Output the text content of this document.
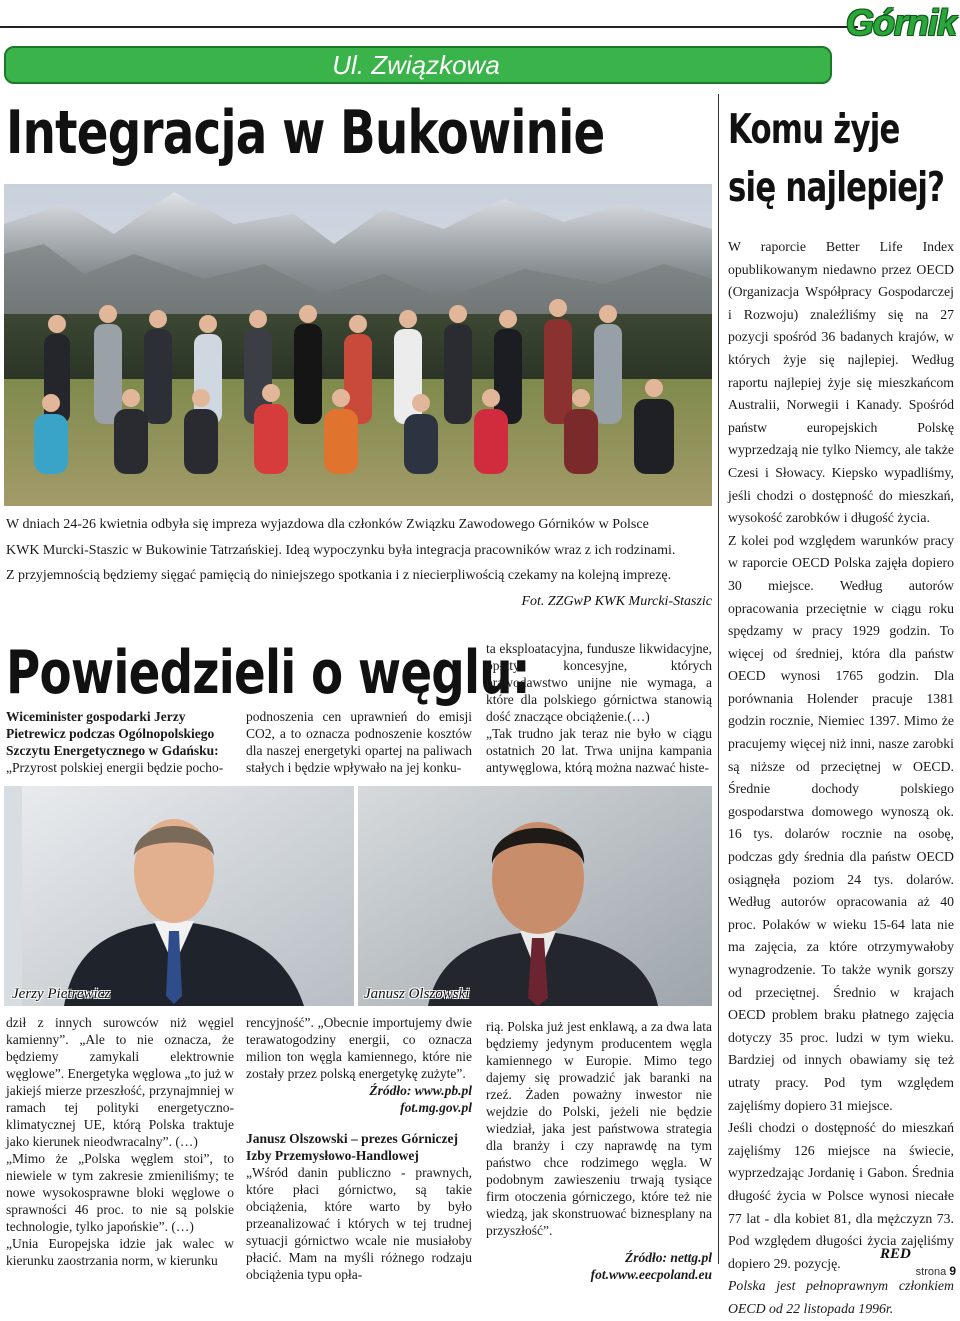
Górnik
Ul. Związkowa
Integracja w Bukowinie

W dniach 24-26 kwietnia odbyła się impreza wyjazdowa dla członków Związku Zawodowego Górników w Polsce

KWK Murcki-Staszic w Bukowinie Tatrzańskiej. Ideą wypoczynku była integracja pracowników wraz z ich rodzinami.

Z przyjemnością będziemy sięgać pamięcią do niniejszego spotkania i z niecierpliwością czekamy na kolejną imprezę.

Fot. ZZGwP KWK Murcki-Staszic
Powiedzieli o węglu:

Wiceminister gospodarki Jerzy Pietrewicz podczas Ogólnopolskiego Szczytu Energetycznego w Gdańsku:

„Przyrost polskiej energii będzie pocho-

podnoszenia cen uprawnień do emisji CO2, a to oznacza podnoszenie kosztów dla naszej energetyki opartej na paliwach stałych i będzie wpływało na jej konku-

ta eksploatacyjna, fundusze likwidacyjne, opłaty koncesyjne, których prawodawstwo unijne nie wymaga, a które dla polskiego górnictwa stanowią dość znaczące obciążenie.(…)

„Tak trudno jak teraz nie było w ciągu ostatnich 20 lat. Trwa unijna kampania antywęglowa, którą można nazwać histe-

Jerzy Pietrewicz	Janusz Olszowski

dził z innych surowców niż węgiel kamienny”. „Ale to nie oznacza, że będziemy zamykali elektrownie węglowe”. Energetyka węglowa „to już w jakiejś mierze przeszłość, przynajmniej w ramach tej polityki energetyczno-klimatycznej UE, którą Polska traktuje jako kierunek nieodwracalny”. (…)

„Mimo że „Polska węglem stoi”, to niewiele w tym zakresie zmieniliśmy; te nowe wysokosprawne bloki węglowe o sprawności 46 proc. to nie są polskie technologie, tylko japońskie”. (…)

„Unia Europejska idzie jak walec w kierunku zaostrzania norm, w kierunku

rencyjność”. „Obecnie importujemy dwie terawatogodziny energii, co oznacza milion ton węgla kamiennego, które nie zostały przez polską energetykę zużyte”.

Źródło: www.pb.pl

fot.mg.gov.pl

Janusz Olszowski – prezes Górniczej Izby Przemysłowo-Handlowej

„Wśród danin publiczno - prawnych, które płaci górnictwo, są takie obciążenia, które warto by było przeanalizować i których w tej trudnej sytuacji górnictwo wcale nie musiałoby płacić. Mam na myśli różnego rodzaju obciążenia typu opła-

rią. Polska już jest enklawą, a za dwa lata będziemy jedynym producentem węgla kamiennego w Europie. Mimo tego dajemy się prowadzić jak baranki na rzeź. Żaden poważny inwestor nie wejdzie do Polski, jeżeli nie będzie wiedział, jaka jest państwowa strategia dla branży i czy naprawdę na tym państwo chce rodzimego węgla. W podobnym zawieszeniu trwają tysiące firm otoczenia górniczego, które też nie wiedzą, jak skonstruować biznesplany na przyszłość”.

Źródło: nettg.pl

fot.www.eecpoland.eu

Komu żyje się najlepiej?

W raporcie Better Life Index opublikowanym niedawno przez OECD (Organizacja Współpracy Gospodarczej i Rozwoju) znaleźliśmy się na 27 pozycji spośród 36 badanych krajów, w których żyje się najlepiej. Według raportu najlepiej żyje się mieszkańcom Australii, Norwegii i Kanady. Spośród państw europejskich Polskę wyprzedzają nie tylko Niemcy, ale także Czesi i Słowacy. Kiepsko wypadliśmy, jeśli chodzi o dostępność do mieszkań, wysokość zarobków i długość życia.

Z kolei pod względem warunków pracy w raporcie OECD Polska zajęła dopiero 30 miejsce. Według autorów opracowania przeciętnie w ciągu roku spędzamy w pracy 1929 godzin. To więcej od średniej, która dla państw OECD wynosi 1765 godzin. Dla porównania Holender pracuje 1381 godzin rocznie, Niemiec 1397. Mimo że pracujemy więcej niż inni, nasze zarobki są niższe od przeciętnej w OECD. Średnie dochody polskiego gospodarstwa domowego wynoszą ok. 16 tys. dolarów rocznie na osobę, podczas gdy średnia dla państw OECD osiągnęła poziom 24 tys. dolarów. Według autorów opracowania aż 40 proc. Polaków w wieku 15-64 lata nie ma zajęcia, za które otrzymywałoby wynagrodzenie. To także wynik gorszy od przeciętnej. Średnio w krajach OECD problem braku płatnego zajęcia dotyczy 35 proc. ludzi w tym wieku. Bardziej od innych obawiamy się też utraty pracy. Pod tym względem zajęliśmy dopiero 31 miejsce.

Jeśli chodzi o dostępność do mieszkań zajęliśmy 126 miejsce na świecie, wyprzedzając Jordanię i Gabon. Średnia długość życia w Polsce wynosi niecałe 77 lat - dla kobiet 81, dla mężczyzn 73. Pod względem długości życia zajęliśmy dopiero 29. pozycję.

Polska jest pełnoprawnym członkiem OECD od 22 listopada 1996r.

RED
strona 9
